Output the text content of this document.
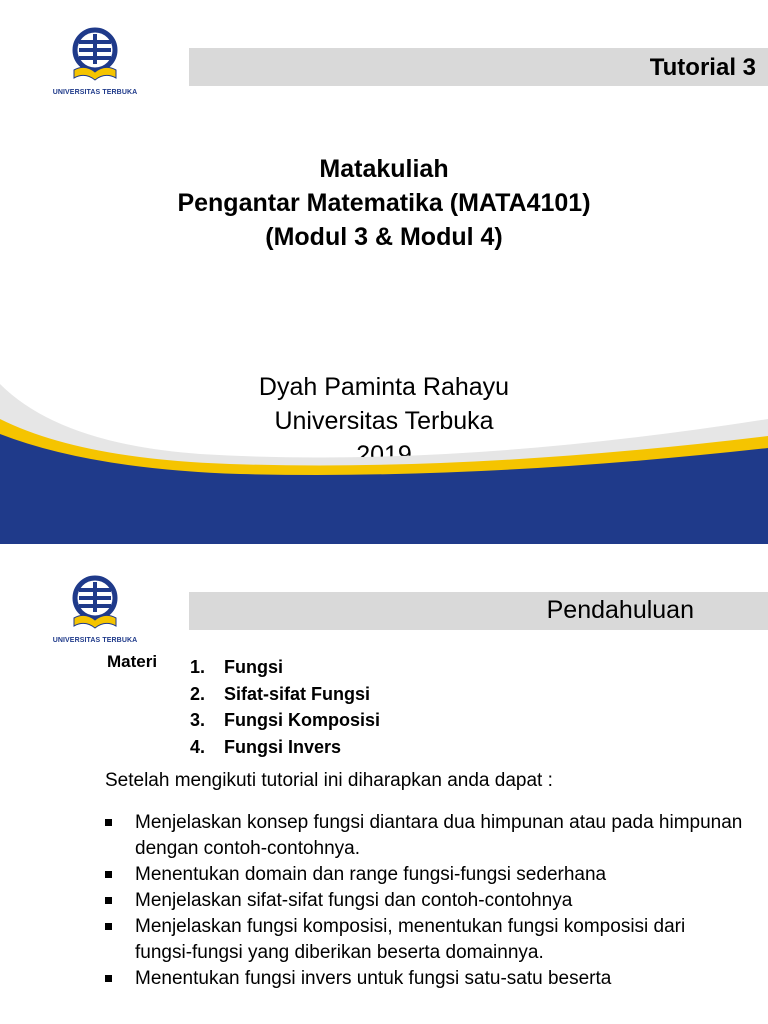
UNIVERSITAS TERBUKA
Tutorial 3
Matakuliah
Pengantar Matematika (MATA4101)
(Modul 3 & Modul 4)
Dyah Paminta Rahayu
Universitas Terbuka
2019
UNIVERSITAS TERBUKA
Pendahuluan
Materi 1. Fungsi
2. Sifat-sifat Fungsi
3. Fungsi Komposisi
4. Fungsi Invers
Setelah mengikuti tutorial ini diharapkan anda dapat :
Menjelaskan konsep fungsi diantara dua himpunan atau pada himpunan dengan contoh-contohnya.
Menentukan domain dan range fungsi-fungsi sederhana
Menjelaskan sifat-sifat fungsi dan contoh-contohnya
Menjelaskan fungsi komposisi, menentukan fungsi komposisi dari fungsi-fungsi yang diberikan beserta domainnya.
Menentukan fungsi invers untuk fungsi satu-satu beserta
